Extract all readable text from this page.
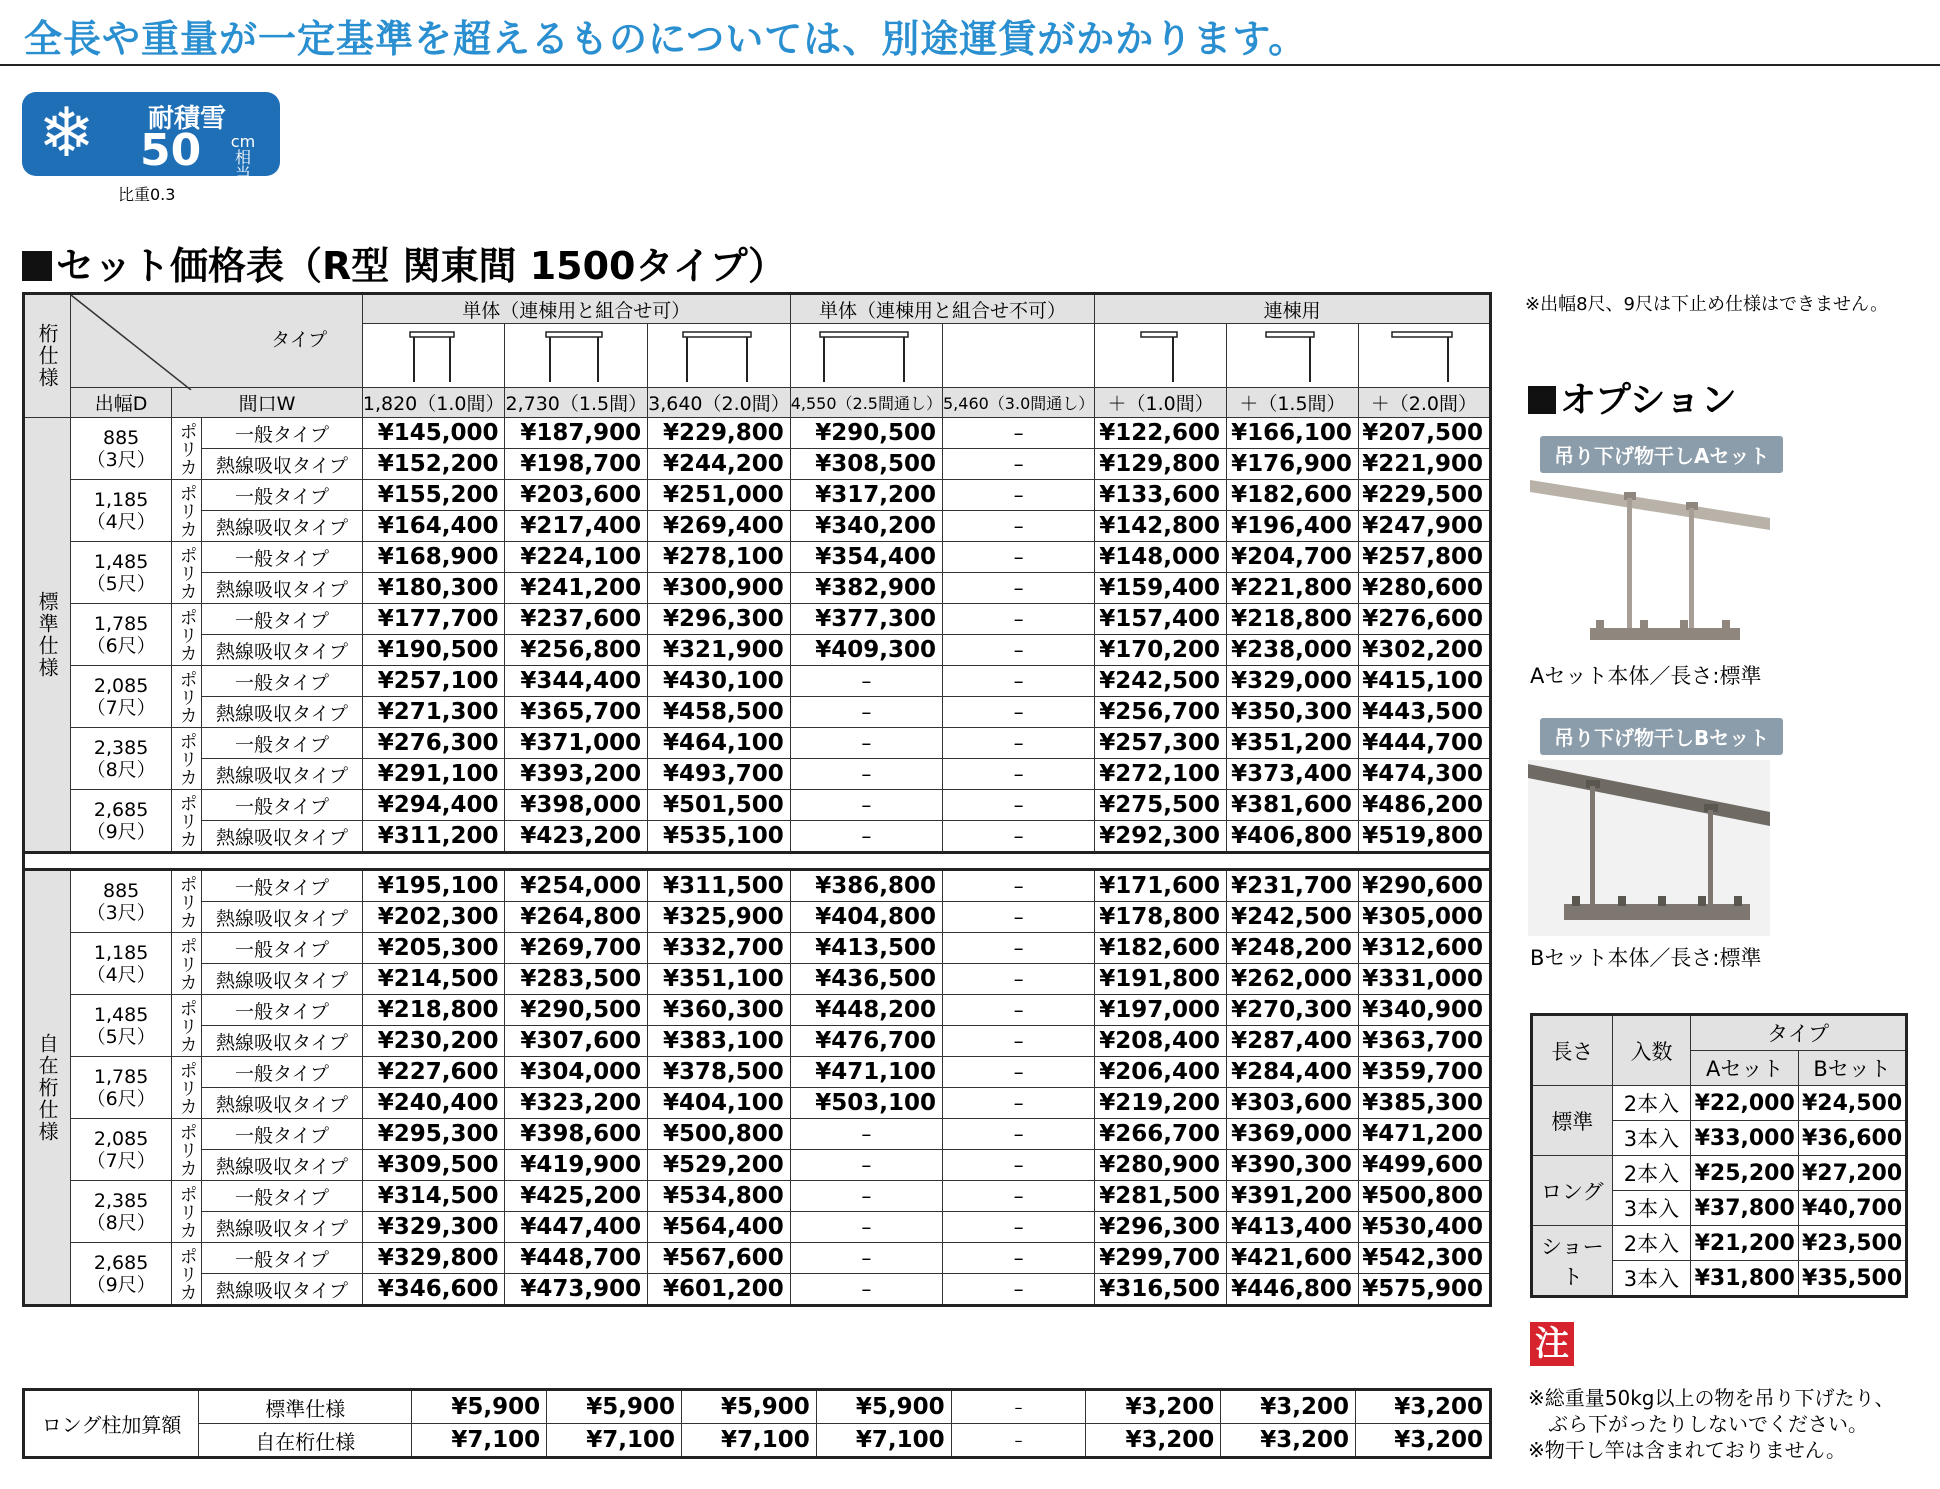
全長や重量が一定基準を超えるものについては、別途運賃がかかります。
❄ 耐積雪
50 cm相当
比重0.3
セット価格表（R型 関東間 1500タイプ）
桁仕様	タイプ			単体（連棟用と組合せ可）			単体（連棟用と組合せ不可）		連棟用		

	出幅D	間口W		1,820（1.0間）	2,730（1.5間）	3,640（2.0間）	4,550（2.5間通し）	5,460（3.0間通し）	＋（1.0間）	＋（1.5間）	＋（2.0間）
標準仕様	885
（3尺）	ポリカ	一般タイプ	¥145,000	¥187,900	¥229,800	¥290,500	–	¥122,600	¥166,100	¥207,500
			熱線吸収タイプ	¥152,200	¥198,700	¥244,200	¥308,500	–	¥129,800	¥176,900	¥221,900

	1,185
（4尺）	ポリカ	一般タイプ	¥155,200	¥203,600	¥251,000	¥317,200	–	¥133,600	¥182,600	¥229,500
			熱線吸収タイプ	¥164,400	¥217,400	¥269,400	¥340,200	–	¥142,800	¥196,400	¥247,900

	1,485
（5尺）	ポリカ	一般タイプ	¥168,900	¥224,100	¥278,100	¥354,400	–	¥148,000	¥204,700	¥257,800
			熱線吸収タイプ	¥180,300	¥241,200	¥300,900	¥382,900	–	¥159,400	¥221,800	¥280,600

	1,785
（6尺）	ポリカ	一般タイプ	¥177,700	¥237,600	¥296,300	¥377,300	–	¥157,400	¥218,800	¥276,600
			熱線吸収タイプ	¥190,500	¥256,800	¥321,900	¥409,300	–	¥170,200	¥238,000	¥302,200

	2,085
（7尺）	ポリカ	一般タイプ	¥257,100	¥344,400	¥430,100	–	–	¥242,500	¥329,000	¥415,100
			熱線吸収タイプ	¥271,300	¥365,700	¥458,500	–	–	¥256,700	¥350,300	¥443,500

	2,385
（8尺）	ポリカ	一般タイプ	¥276,300	¥371,000	¥464,100	–	–	¥257,300	¥351,200	¥444,700
			熱線吸収タイプ	¥291,100	¥393,200	¥493,700	–	–	¥272,100	¥373,400	¥474,300

	2,685
（9尺）	ポリカ	一般タイプ	¥294,400	¥398,000	¥501,500	–	–	¥275,500	¥381,600	¥486,200
			熱線吸収タイプ	¥311,200	¥423,200	¥535,100	–	–	¥292,300	¥406,800	¥519,800

自在桁仕様	885
（3尺）	ポリカ	一般タイプ	¥195,100	¥254,000	¥311,500	¥386,800	–	¥171,600	¥231,700	¥290,600
			熱線吸収タイプ	¥202,300	¥264,800	¥325,900	¥404,800	–	¥178,800	¥242,500	¥305,000

	1,185
（4尺）	ポリカ	一般タイプ	¥205,300	¥269,700	¥332,700	¥413,500	–	¥182,600	¥248,200	¥312,600
			熱線吸収タイプ	¥214,500	¥283,500	¥351,100	¥436,500	–	¥191,800	¥262,000	¥331,000

	1,485
（5尺）	ポリカ	一般タイプ	¥218,800	¥290,500	¥360,300	¥448,200	–	¥197,000	¥270,300	¥340,900
			熱線吸収タイプ	¥230,200	¥307,600	¥383,100	¥476,700	–	¥208,400	¥287,400	¥363,700

	1,785
（6尺）	ポリカ	一般タイプ	¥227,600	¥304,000	¥378,500	¥471,100	–	¥206,400	¥284,400	¥359,700
			熱線吸収タイプ	¥240,400	¥323,200	¥404,100	¥503,100	–	¥219,200	¥303,600	¥385,300

	2,085
（7尺）	ポリカ	一般タイプ	¥295,300	¥398,600	¥500,800	–	–	¥266,700	¥369,000	¥471,200
			熱線吸収タイプ	¥309,500	¥419,900	¥529,200	–	–	¥280,900	¥390,300	¥499,600

	2,385
（8尺）	ポリカ	一般タイプ	¥314,500	¥425,200	¥534,800	–	–	¥281,500	¥391,200	¥500,800
			熱線吸収タイプ	¥329,300	¥447,400	¥564,400	–	–	¥296,300	¥413,400	¥530,400

	2,685
（9尺）	ポリカ	一般タイプ	¥329,800	¥448,700	¥567,600	–	–	¥299,700	¥421,600	¥542,300
			熱線吸収タイプ	¥346,600	¥473,900	¥601,200	–	–	¥316,500	¥446,800	¥575,900
ロング柱加算額	標準仕様	¥5,900	¥5,900	¥5,900	¥5,900	–	¥3,200	¥3,200	¥3,200
	自在桁仕様	¥7,100	¥7,100	¥7,100	¥7,100	–	¥3,200	¥3,200	¥3,200
※出幅8尺、9尺は下止め仕様はできません。
オプション
吊り下げ物干しAセット
Aセット本体／長さ:標準
吊り下げ物干しBセット
Bセット本体／長さ:標準
長さ	入数	タイプ	
		Aセット	Bセット
標準	2本入	¥22,000	¥24,500
	3本入	¥33,000	¥36,600
ロング	2本入	¥25,200	¥27,200
	3本入	¥37,800	¥40,700
ショート	2本入	¥21,200	¥23,500
	3本入	¥31,800	¥35,500
注
※総重量50kg以上の物を吊り下げたり、
　ぶら下がったりしないでください。
※物干し竿は含まれておりません。
